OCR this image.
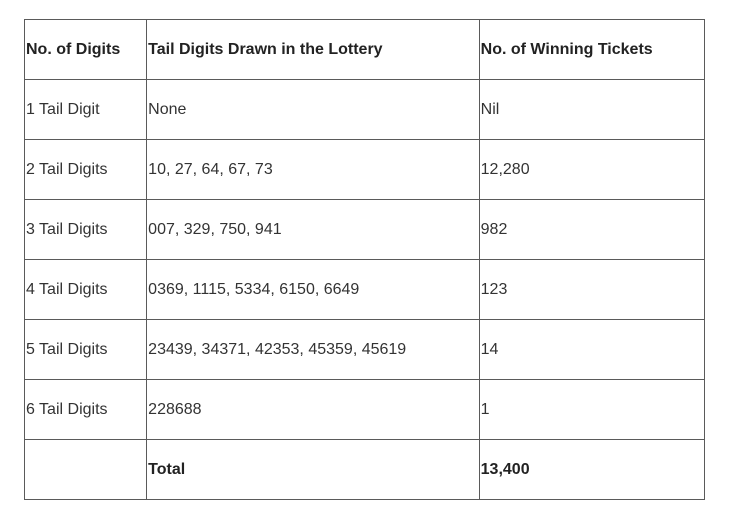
No. of Digits	Tail Digits Drawn in the Lottery	No. of Winning Tickets
1 Tail Digit	None	Nil
2 Tail Digits	10, 27, 64, 67, 73	12,280
3 Tail Digits	007, 329, 750, 941	982
4 Tail Digits	0369, 1115, 5334, 6150, 6649	123
5 Tail Digits	23439, 34371, 42353, 45359, 45619	14
6 Tail Digits	228688	1
	Total	13,400
